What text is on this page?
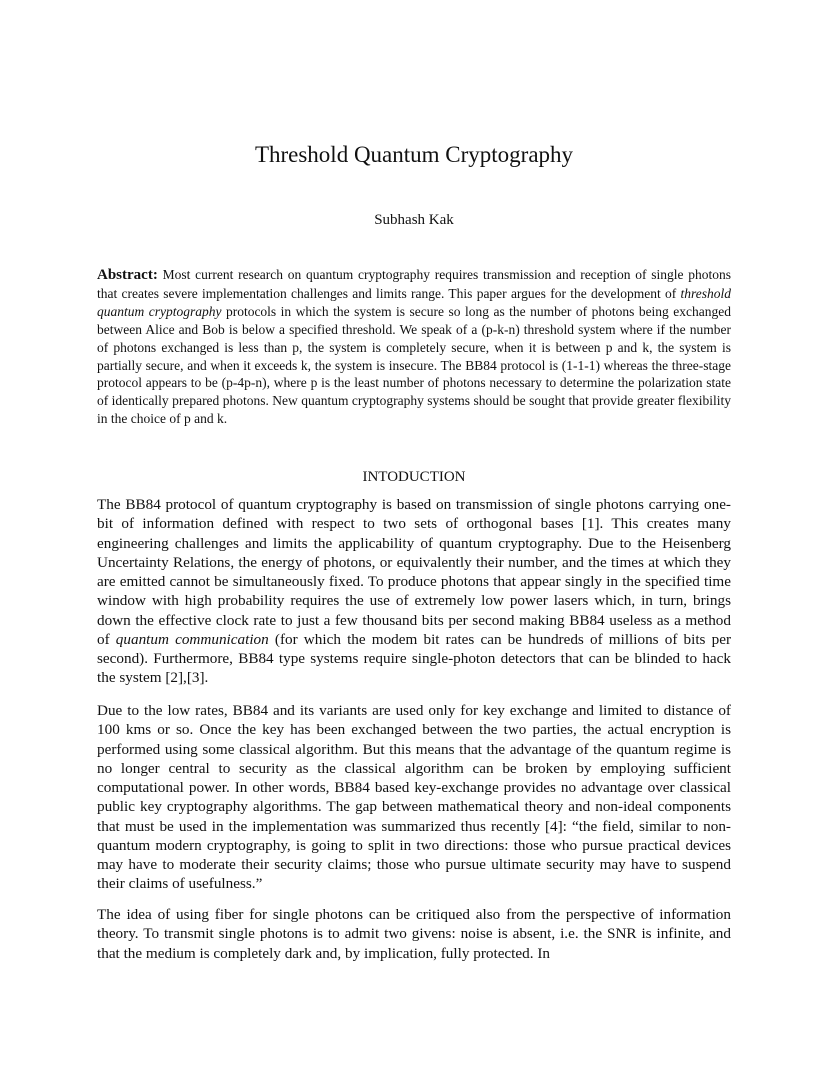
Threshold Quantum Cryptography

Subhash Kak

Abstract: Most current research on quantum cryptography requires transmission and reception of single photons that creates severe implementation challenges and limits range. This paper argues for the development of threshold quantum cryptography protocols in which the system is secure so long as the number of photons being exchanged between Alice and Bob is below a specified threshold. We speak of a (p-k-n) threshold system where if the number of photons exchanged is less than p, the system is completely secure, when it is between p and k, the system is partially secure, and when it exceeds k, the system is insecure. The BB84 protocol is (1-1-1) whereas the three-stage protocol appears to be (p-4p-n), where p is the least number of photons necessary to determine the polarization state of identically prepared photons. New quantum cryptography systems should be sought that provide greater flexibility in the choice of p and k.

INTODUCTION

The BB84 protocol of quantum cryptography is based on transmission of single photons carrying one-bit of information defined with respect to two sets of orthogonal bases [1]. This creates many engineering challenges and limits the applicability of quantum cryptography. Due to the Heisenberg Uncertainty Relations, the energy of photons, or equivalently their number, and the times at which they are emitted cannot be simultaneously fixed. To produce photons that appear singly in the specified time window with high probability requires the use of extremely low power lasers which, in turn, brings down the effective clock rate to just a few thousand bits per second making BB84 useless as a method of quantum communication (for which the modem bit rates can be hundreds of millions of bits per second). Furthermore, BB84 type systems require single-photon detectors that can be blinded to hack the system [2],[3].

Due to the low rates, BB84 and its variants are used only for key exchange and limited to distance of 100 kms or so. Once the key has been exchanged between the two parties, the actual encryption is performed using some classical algorithm. But this means that the advantage of the quantum regime is no longer central to security as the classical algorithm can be broken by employing sufficient computational power. In other words, BB84 based key-exchange provides no advantage over classical public key cryptography algorithms. The gap between mathematical theory and non-ideal components that must be used in the implementation was summarized thus recently [4]: “the field, similar to non-quantum modern cryptography, is going to split in two directions: those who pursue practical devices may have to moderate their security claims; those who pursue ultimate security may have to suspend their claims of usefulness.”

The idea of using fiber for single photons can be critiqued also from the perspective of information theory. To transmit single photons is to admit two givens: noise is absent, i.e. the SNR is infinite, and that the medium is completely dark and, by implication, fully protected. In
